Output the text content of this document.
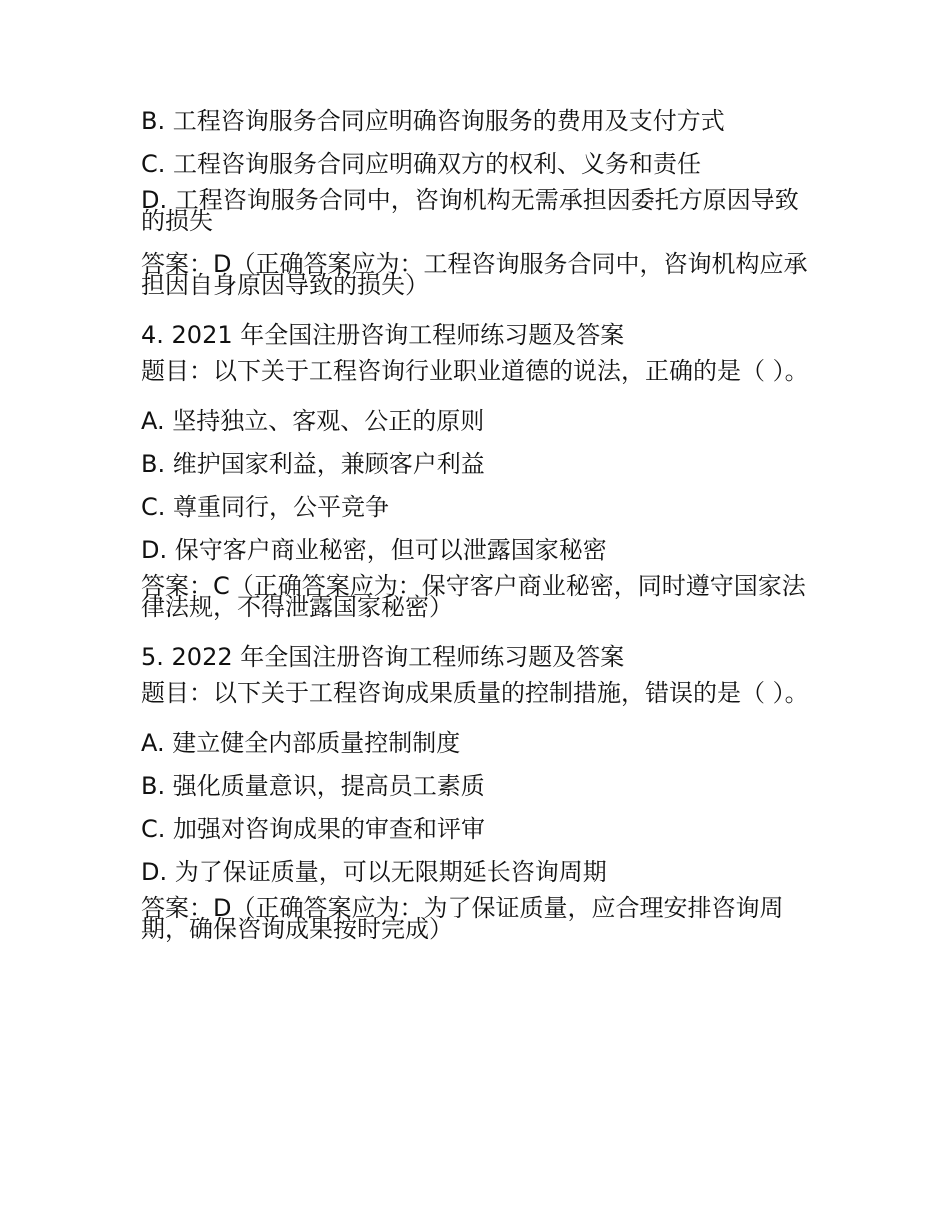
B. 工程咨询服务合同应明确咨询服务的费用及支付方式

C. 工程咨询服务合同应明确双方的权利、义务和责任

D. 工程咨询服务合同中，咨询机构无需承担因委托方原因导致的损失

答案：D（正确答案应为：工程咨询服务合同中，咨询机构应承担因自身原因导致的损失）

4. 2021 年全国注册咨询工程师练习题及答案

题目：以下关于工程咨询行业职业道德的说法，正确的是（ ）。

A. 坚持独立、客观、公正的原则

B. 维护国家利益，兼顾客户利益

C. 尊重同行，公平竞争

D. 保守客户商业秘密，但可以泄露国家秘密

答案：C（正确答案应为：保守客户商业秘密，同时遵守国家法律法规，不得泄露国家秘密）

5. 2022 年全国注册咨询工程师练习题及答案

题目：以下关于工程咨询成果质量的控制措施，错误的是（ ）。

A. 建立健全内部质量控制制度

B. 强化质量意识，提高员工素质

C. 加强对咨询成果的审查和评审

D. 为了保证质量，可以无限期延长咨询周期

答案：D（正确答案应为：为了保证质量，应合理安排咨询周期，确保咨询成果按时完成）
